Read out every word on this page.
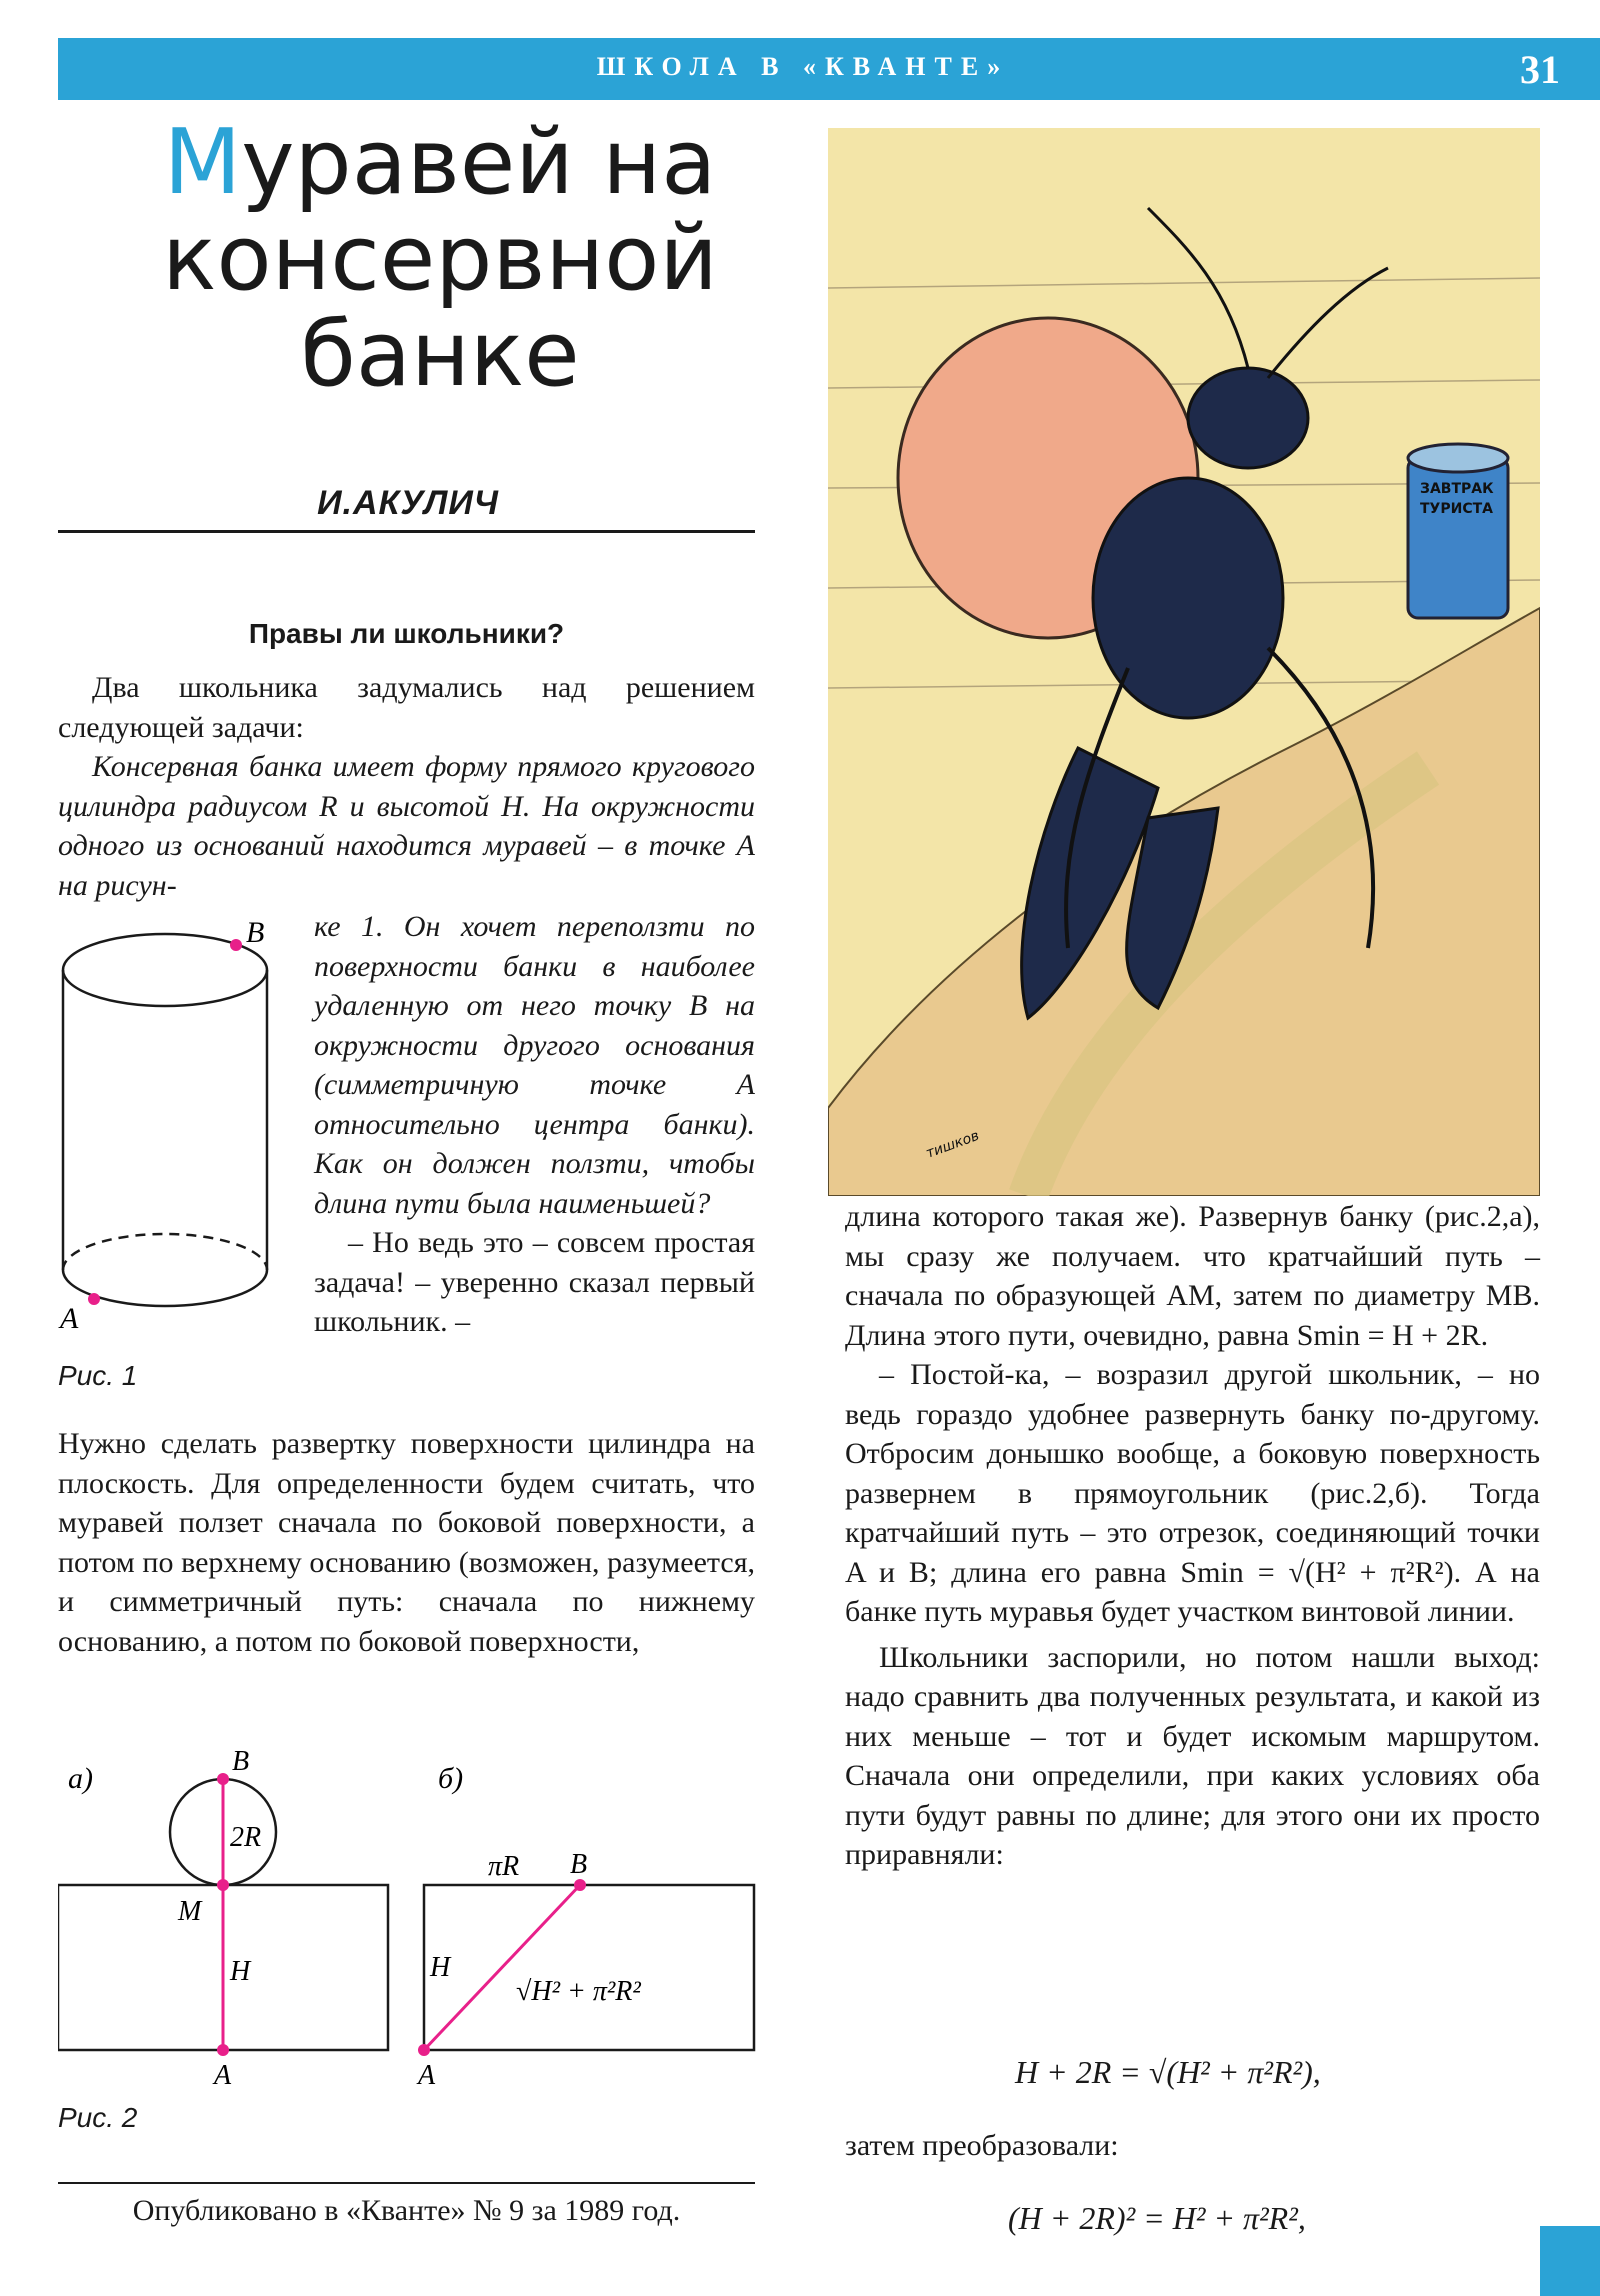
ШКОЛА В «КВАНТЕ»	31
Муравей на
консервной
банке
И.АКУЛИЧ
Правы ли школьники?

Два школьника задумались над решением следующей задачи:

Консервная банка имеет форму прямого кругового цилиндра радиусом R и высотой H. На окружности одного из оснований находится муравей – в точке A на рисун-

B
A
Рис. 1

ке 1. Он хочет переползти по поверхности банки в наиболее удаленную от него точку B на окружности другого основания (симметричную точке A относительно центра банки). Как он должен ползти, чтобы длина пути была наименьшей?

– Но ведь это – совсем простая задача! – уверенно сказал первый школьник. –

Нужно сделать развертку поверхности цилиндра на плоскость. Для определенности будем считать, что муравей ползет сначала по боковой поверхности, а потом по верхнему основанию (возможен, разумеется, и симметричный путь: сначала по нижнему основанию, а потом по боковой поверхности,

а)
B
2R
M
H
A
б)
πR B
H
√H² + π²R²
A
Рис. 2
Опубликовано в «Кванте» № 9 за 1989 год.
ЗАВТРАК
ТУРИСТА
тишков

длина которого такая же). Развернув банку (рис.2,а), мы сразу же получаем. что кратчайший путь – сначала по образующей AM, затем по диаметру MB. Длина этого пути, очевидно, равна Smin = H + 2R.

– Постой-ка, – возразил другой школьник, – но ведь гораздо удобнее развернуть банку по-другому. Отбросим донышко вообще, а боковую поверхность развернем в прямоугольник (рис.2,б). Тогда кратчайший путь – это отрезок, соединяющий точки A и B; длина его равна Smin = √(H² + π²R²). А на банке путь муравья будет участком винтовой линии.

Школьники заспорили, но потом нашли выход: надо сравнить два полученных результата, и какой из них меньше – тот и будет искомым маршрутом. Сначала они определили, при каких условиях оба пути будут равны по длине; для этого они их просто приравняли:

H + 2R = √(H² + π²R²),

затем преобразовали:

(H + 2R)² = H² + π²R²,
